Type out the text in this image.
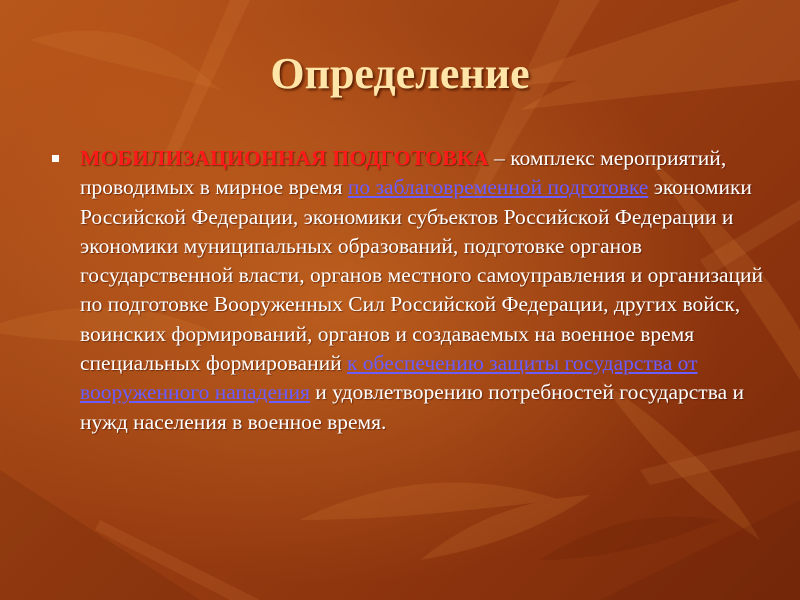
Определение

МОБИЛИЗАЦИОННАЯ ПОДГОТОВКА – комплекс мероприятий, проводимых в мирное время по заблаговременной подготовке экономики Российской Федерации, экономики субъектов Российской Федерации и экономики муниципальных образований, подготовке органов государственной власти, органов местного самоуправления и организаций по подготовке Вооруженных Сил Российской Федерации, других войск, воинских формирований, органов и создаваемых на военное время специальных формирований к обеспечению защиты государства от вооруженного нападения и удовлетворению потребностей государства и нужд населения в военное время.
